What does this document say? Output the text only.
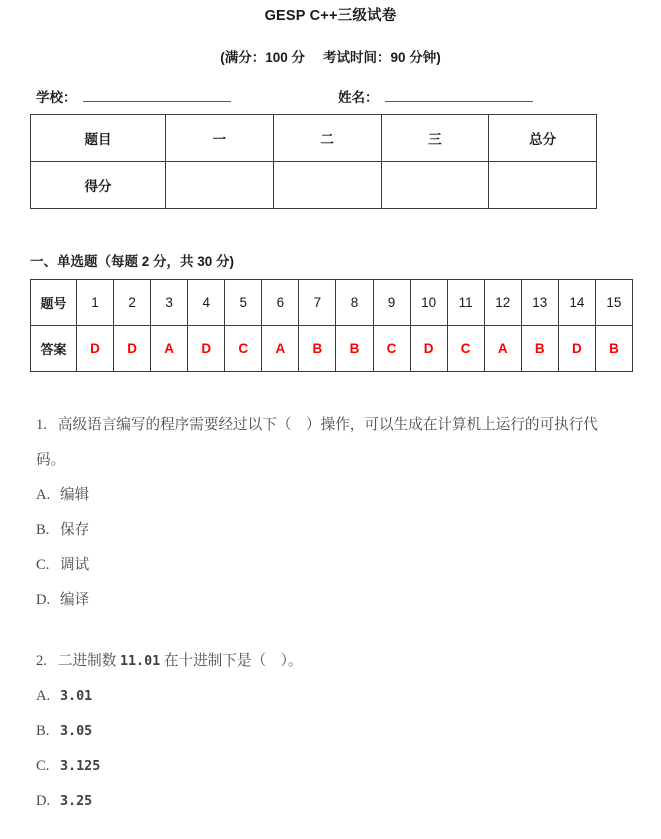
GESP C++三级试卷
(满分：100 分 考试时间：90 分钟)
学校：	姓名：
题目	一	二	三	总分
得分				
一、单选题（每题 2 分，共 30 分)
题号	1	2	3	4	5	6	7	8	9	10	11	12	13	14	15
答案	D	D	A	D	C	A	B	B	C	D	C	A	B	D	B
1. 高级语言编写的程序需要经过以下（　）操作，可以生成在计算机上运行的可执行代码。
A. 编辑
B. 保存
C. 调试
D. 编译
2. 二进制数 11.01 在十进制下是（　）。
A. 3.01
B. 3.05
C. 3.125
D. 3.25
